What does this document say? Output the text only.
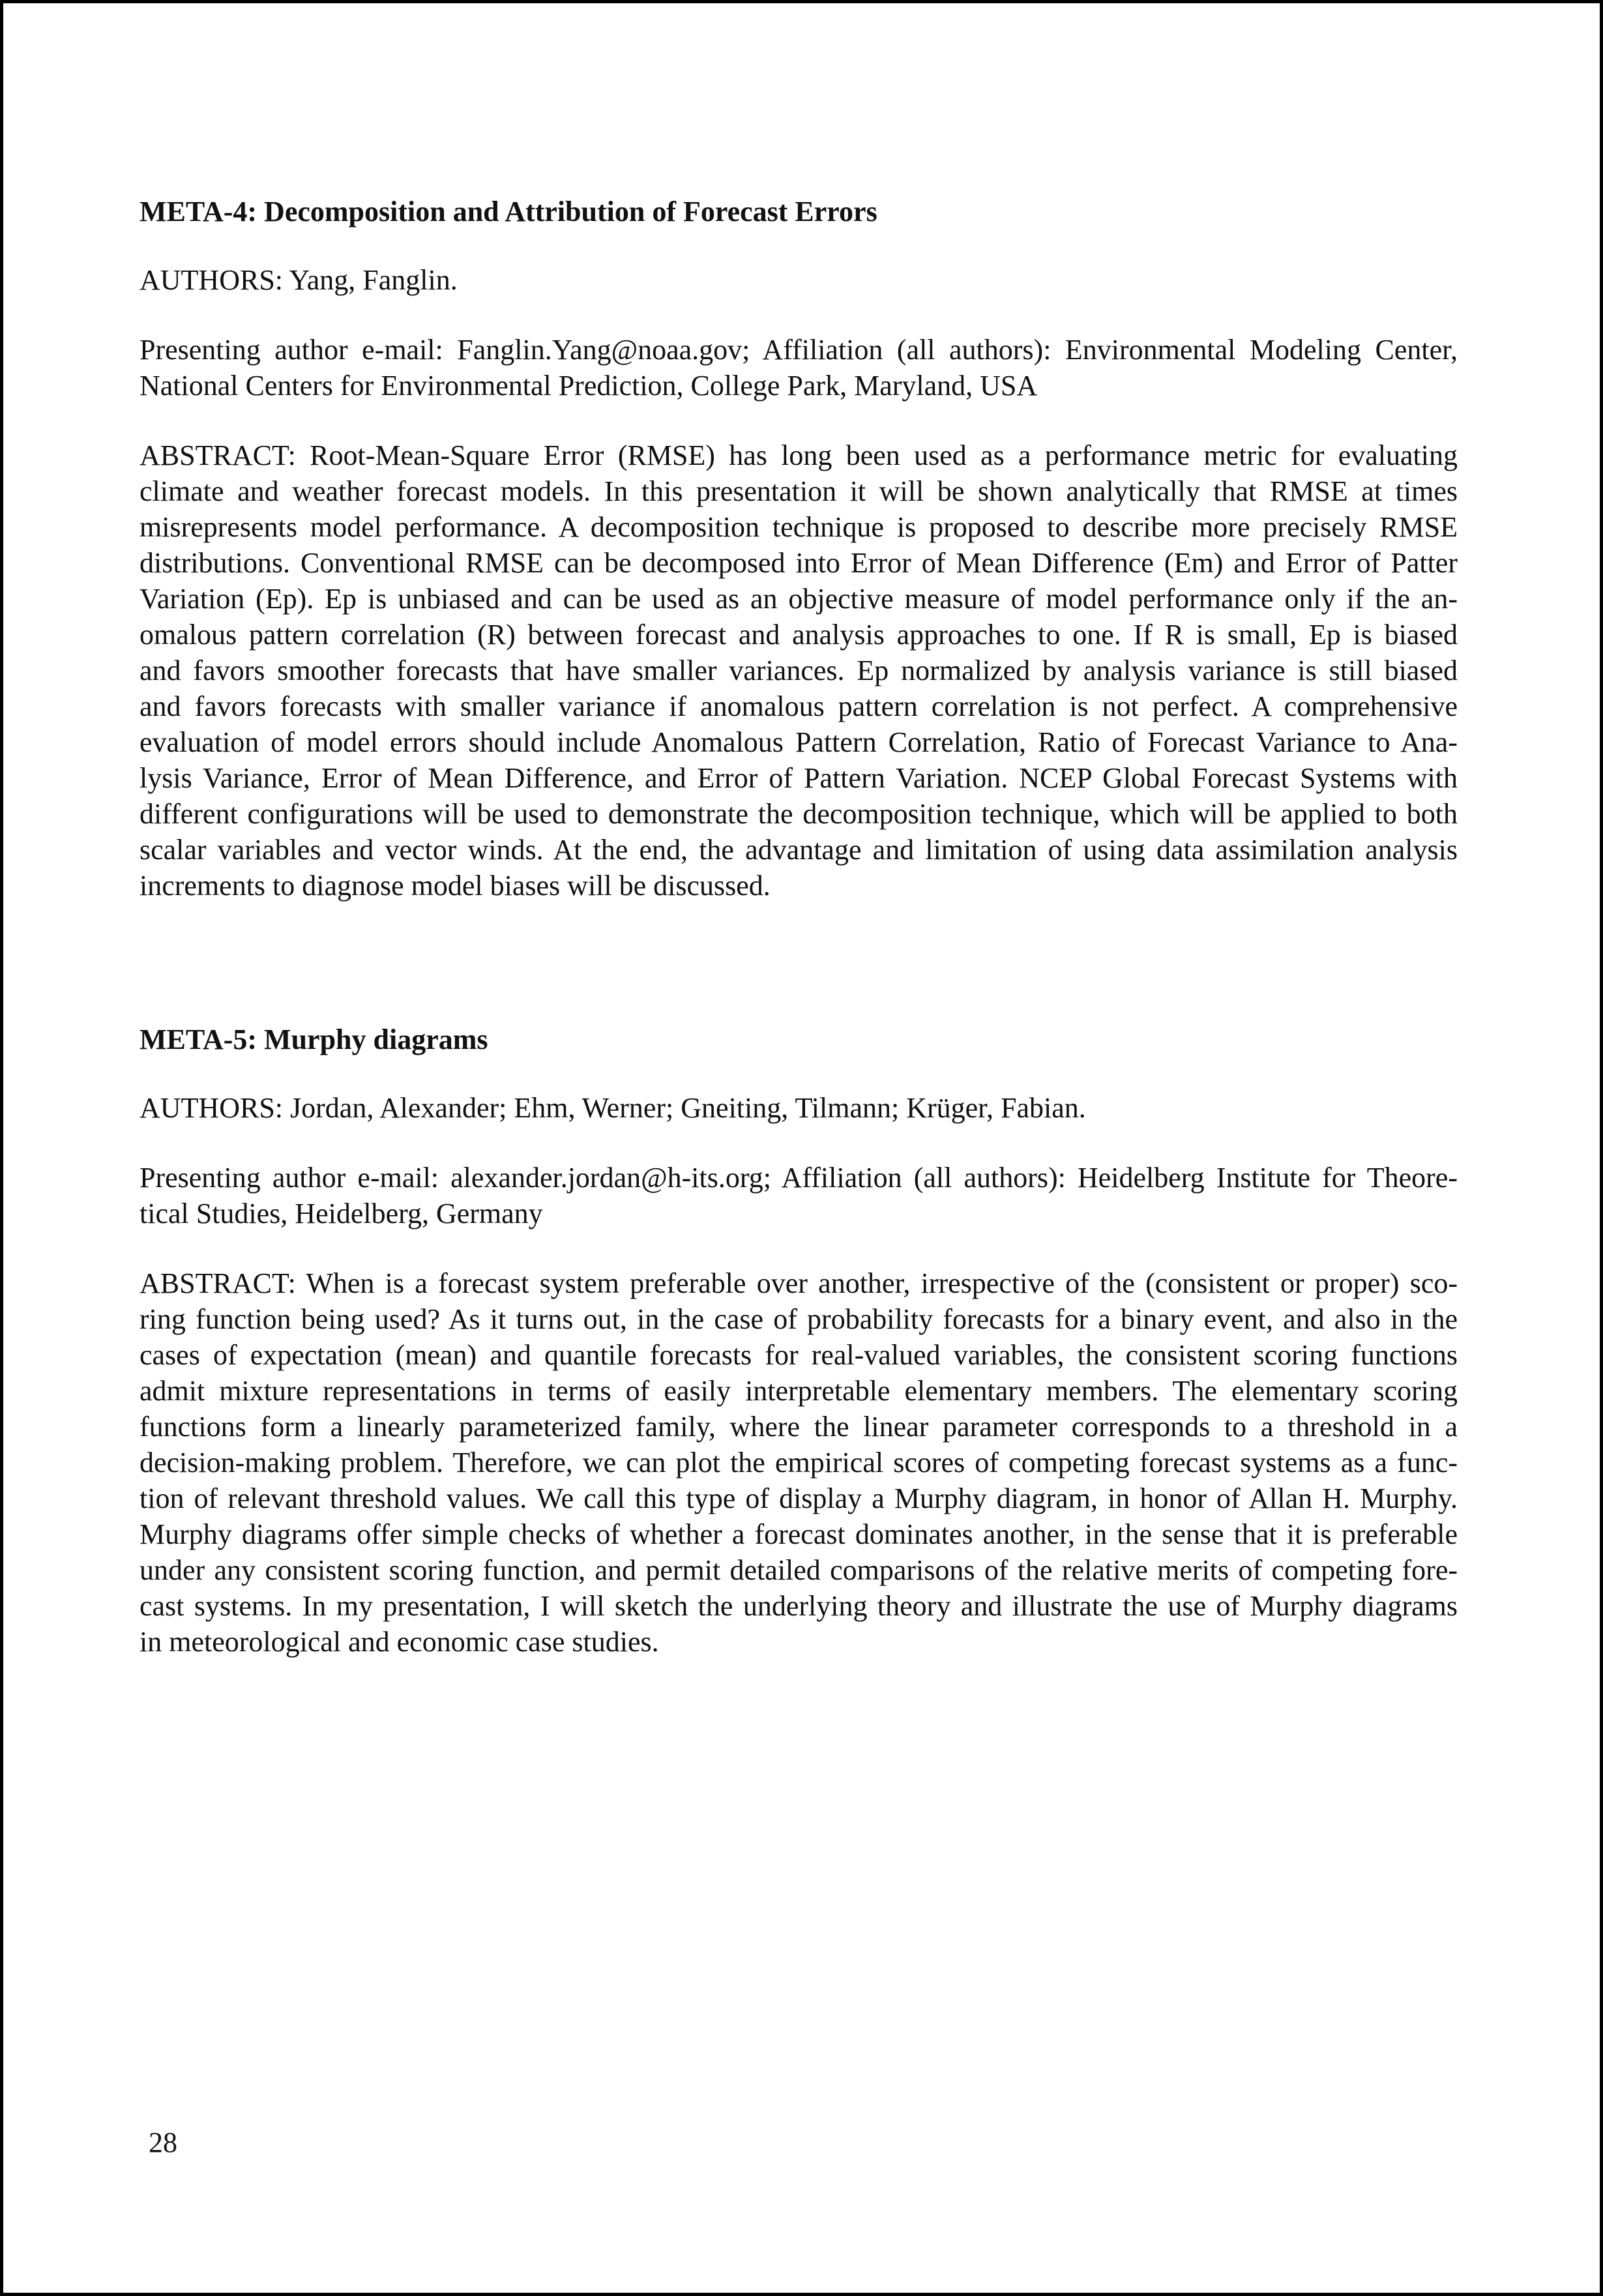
META-4: Decomposition and Attribution of Forecast Errors

AUTHORS: Yang, Fanglin.

Presenting author e-mail: Fanglin.Yang@noaa.gov; Affiliation (all authors): Environmental Modeling Center,
National Centers for Environmental Prediction, College Park, Maryland, USA
ABSTRACT: Root-Mean-Square Error (RMSE) has long been used as a performance metric for evaluating
climate and weather forecast models. In this presentation it will be shown analytically that RMSE at times
misrepresents model performance. A decomposition technique is proposed to describe more precisely RMSE
distributions. Conventional RMSE can be decomposed into Error of Mean Difference (Em) and Error of Patter
Variation (Ep). Ep is unbiased and can be used as an objective measure of model performance only if the an-
omalous pattern correlation (R) between forecast and analysis approaches to one. If R is small, Ep is biased
and favors smoother forecasts that have smaller variances. Ep normalized by analysis variance is still biased
and favors forecasts with smaller variance if anomalous pattern correlation is not perfect. A comprehensive
evaluation of model errors should include Anomalous Pattern Correlation, Ratio of Forecast Variance to Ana-
lysis Variance, Error of Mean Difference, and Error of Pattern Variation. NCEP Global Forecast Systems with
different configurations will be used to demonstrate the decomposition technique, which will be applied to both
scalar variables and vector winds. At the end, the advantage and limitation of using data assimilation analysis
increments to diagnose model biases will be discussed.
META-5: Murphy diagrams

AUTHORS: Jordan, Alexander; Ehm, Werner; Gneiting, Tilmann; Krüger, Fabian.

Presenting author e-mail: alexander.jordan@h-its.org; Affiliation (all authors): Heidelberg Institute for Theore-
tical Studies, Heidelberg, Germany
ABSTRACT: When is a forecast system preferable over another, irrespective of the (consistent or proper) sco-
ring function being used? As it turns out, in the case of probability forecasts for a binary event, and also in the
cases of expectation (mean) and quantile forecasts for real-valued variables, the consistent scoring functions
admit mixture representations in terms of easily interpretable elementary members. The elementary scoring
functions form a linearly parameterized family, where the linear parameter corresponds to a threshold in a
decision-making problem. Therefore, we can plot the empirical scores of competing forecast systems as a func-
tion of relevant threshold values. We call this type of display a Murphy diagram, in honor of Allan H. Murphy.
Murphy diagrams offer simple checks of whether a forecast dominates another, in the sense that it is preferable
under any consistent scoring function, and permit detailed comparisons of the relative merits of competing fore-
cast systems. In my presentation, I will sketch the underlying theory and illustrate the use of Murphy diagrams
in meteorological and economic case studies.
28
